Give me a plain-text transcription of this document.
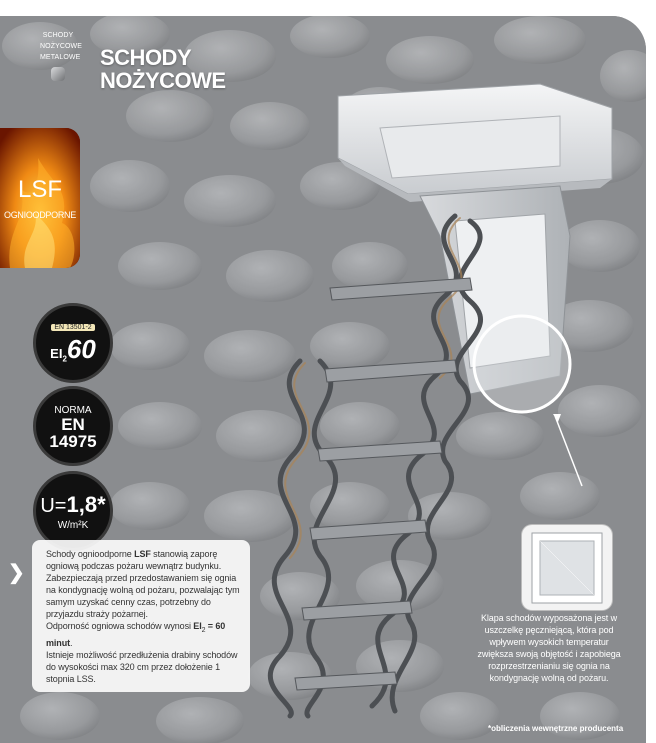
SCHODY
NOŻYCOWE
METALOWE SCHODY
NOŻYCOWE
LSF
OGNIOODPORNE
EN 13501-2
$EI_260$
NORMA
EN
14975
U=1,8*
W/m²K
❯

Schody ognioodporne LSF stanowią zaporę ogniową podczas pożaru wewnątrz budynku. Zabezpieczają przed przedostawaniem się ognia na kondygnację wolną od pożaru, pozwalając tym samym uzyskać cenny czas, potrzebny do przyjazdu straży pożarnej.

Odporność ogniowa schodów wynosi $EI_2 = 60$ minut.

Istnieje możliwość przedłużenia drabiny schodów do wysokości max 320 cm przez dołożenie 1 stopnia LSS.

Klapa schodów wyposażona jest w uszczelkę pęczniejącą, która pod wpływem wysokich temperatur zwiększa swoją objętość i zapobiega rozprzestrzenianiu się ognia na kondygnację wolną od pożaru.
*obliczenia wewnętrzne producenta
